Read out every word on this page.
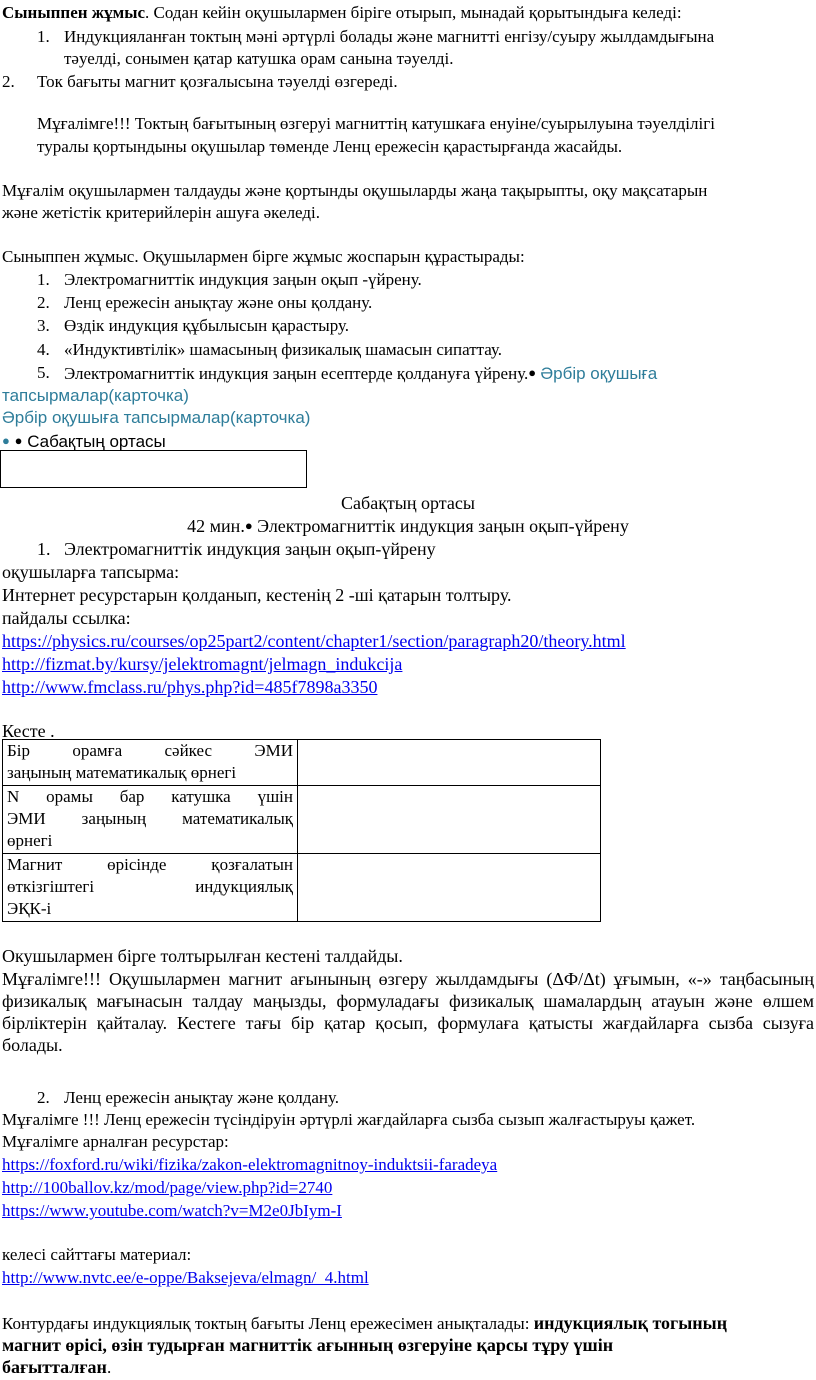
Сыныппен жұмыс. Содан кейін оқушылармен біріге отырып, мынадай қорытындыға келеді:
1. Индукцияланған токтың мәні әртүрлі болады және магнитті енгізу/суыру жылдамдығына
тәуелді, сонымен қатар катушка орам санына тәуелді.
2. Ток бағыты магнит қозғалысына тәуелді өзгереді.
Мұғалімге!!! Токтың бағытының өзгеруі магниттің катушкаға енуіне/суырылуына тәуелділігі
туралы қортындыны оқушылар төменде Ленц ережесін қарастырғанда жасайды.
Мұғалім оқушылармен талдауды және қортынды оқушыларды жаңа тақырыпты, оқу мақсатарын
және жетістік критерийлерін ашуға әкеледі.
Сыныппен жұмыс. Оқушылармен бірге жұмыс жоспарын құрастырады:
1. Электромагниттік индукция заңын оқып -үйрену.
2. Ленц ережесін анықтау және оны қолдану.
3. Өздік индукция құбылысын қарастыру.
4. «Индуктивтілік» шамасының физикалық шамасын сипаттау.
5. Электромагниттік индукция заңын есептерде қолдануға үйрену.● Әрбір оқушыға
тапсырмалар(карточка)
Әрбір оқушыға тапсырмалар(карточка)
● ● Сабақтың ортасы
Сабақтың ортасы
42 мин.● Электромагниттік индукция заңын оқып-үйрену
1. Электромагниттік индукция заңын оқып-үйрену
оқушыларға тапсырма:
Интернет ресурстарын қолданып, кестенің 2 -ші қатарын толтыру.
пайдалы ссылка:
https://physics.ru/courses/op25part2/content/chapter1/section/paragraph20/theory.html
http://fizmat.by/kursy/jelektromagnt/jelmagn_indukcija
http://www.fmclass.ru/phys.php?id=485f7898a3350
Кесте .
Бір орамға сәйкес ЭМИ
заңының математикалық өрнегі	

N орамы бар катушка үшін
ЭМИ заңының математикалық
өрнегі	

Магнит өрісінде қозғалатын
өткізгіштегі индукциялық
ЭҚК-і	

Окушылармен бірге толтырылған кестені талдайды.
Мұғалімге!!! Оқушылармен магнит ағынының өзгеру жылдамдығы (ΔФ/Δt) ұғымын, «-» таңбасының физикалық мағынасын талдау маңызды, формуладағы физикалық шамалардың атауын және өлшем бірліктерін қайталау. Кестеге тағы бір қатар қосып, формулаға қатысты жағдайларға сызба сызуға болады.
2. Ленц ережесін анықтау және қолдану.
Мұғалімге !!! Ленц ережесін түсіндіруін әртүрлі жағдайларға сызба сызып жалғастыруы қажет.
Мұғалімге арналған ресурстар:
https://foxford.ru/wiki/fizika/zakon-elektromagnitnoy-induktsii-faradeya
http://100ballov.kz/mod/page/view.php?id=2740
https://www.youtube.com/watch?v=M2e0JbIym-I
келесі сайттағы материал:
http://www.nvtc.ee/e-oppe/Baksejeva/elmagn/_4.html
Контурдағы индукциялық токтың бағыты Ленц ережесімен анықталады: индукциялық тогының
магнит өрісі, өзін тудырған магниттік ағынның өзгеруіне қарсы тұру үшін
бағытталған.
